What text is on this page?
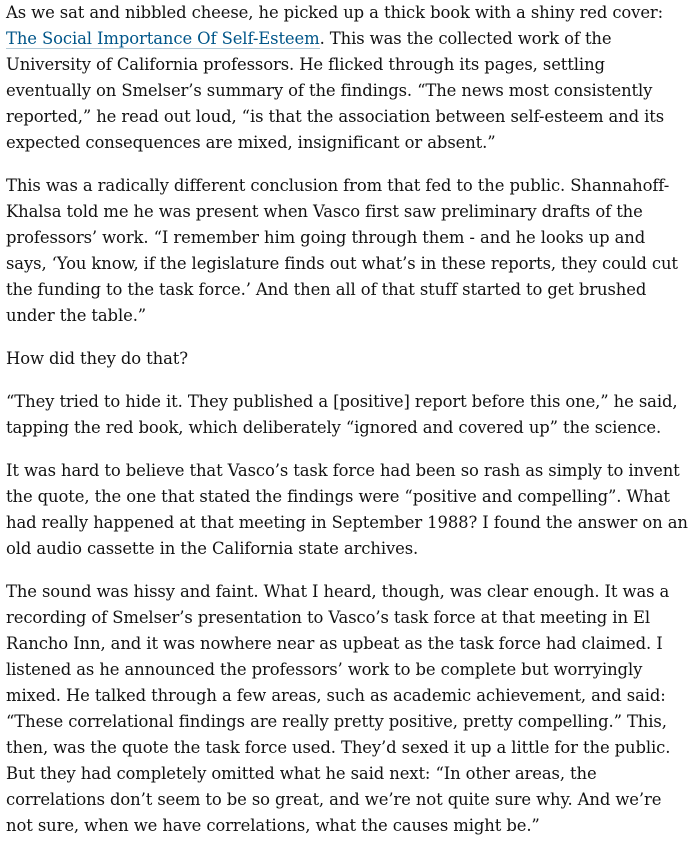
As we sat and nibbled cheese, he picked up a thick book with a shiny red cover: The Social Importance Of Self-Esteem. This was the collected work of the University of California professors. He flicked through its pages, settling eventually on Smelser’s summary of the findings. “The news most consistently reported,” he read out loud, “is that the association between self-esteem and its expected consequences are mixed, insignificant or absent.”

This was a radically different conclusion from that fed to the public. Shannahoff-Khalsa told me he was present when Vasco first saw preliminary drafts of the professors’ work. “I remember him going through them - and he looks up and says, ‘You know, if the legislature finds out what’s in these reports, they could cut the funding to the task force.’ And then all of that stuff started to get brushed under the table.”

How did they do that?

“They tried to hide it. They published a [positive] report before this one,” he said, tapping the red book, which deliberately “ignored and covered up” the science.

It was hard to believe that Vasco’s task force had been so rash as simply to invent the quote, the one that stated the findings were “positive and compelling”. What had really happened at that meeting in September 1988? I found the answer on an old audio cassette in the California state archives.

The sound was hissy and faint. What I heard, though, was clear enough. It was a recording of Smelser’s presentation to Vasco’s task force at that meeting in El Rancho Inn, and it was nowhere near as upbeat as the task force had claimed. I listened as he announced the professors’ work to be complete but worryingly mixed. He talked through a few areas, such as academic achievement, and said: “These correlational findings are really pretty positive, pretty compelling.” This, then, was the quote the task force used. They’d sexed it up a little for the public. But they had completely omitted what he said next: “In other areas, the correlations don’t seem to be so great, and we’re not quite sure why. And we’re not sure, when we have correlations, what the causes might be.”
